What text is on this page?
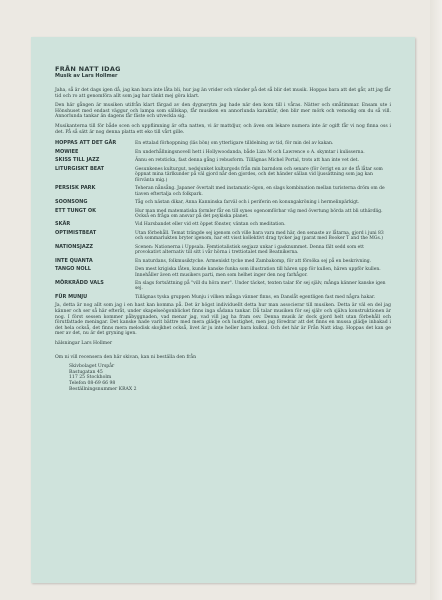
FRÅN NATT IDAG
Musik av Lars Hollmer

Jaha, så är det dags igen då, jag kan bara inte låta bli, hur jag än vrider och vänder på det så blir det musik. Hoppas bara att det går, att jag får tid och ro att genomföra allt som jag har tänkt mej göra klart.

Den här gången är musiken utifrån klart färgad av den dygnsrytm jag hade när den kom till i våras. Nätter och småtimmar. Ensam ute i Hönshuset med endast väggur och lampa som sällskap, får musiken en annorlunda karaktär, den blir mer mörk och vemodig om du så vill. Annorlunda tankar än dagens får fäste och utveckla sig.

Musikanterna till för både scen och uppflimning är ofta natten, vi är mattdjur, och även om lekare numera inte är ogift får vi nog finna oss i det. På så sätt är nog denna platta ett eko till vårt gille.

HOPPAS ATT DET GÅR	En ettalad förhoppning (läs bön) om ytterligare tilldelning av tid, för min del av kakan.
MOWIEE	En underhållningsnovell hett i Hollywoodanda, både Liza M och Lawrence o A. skymtar i kulisserna.
SKISS TILL JAZZ	Ännu en retsticka, fast denna gång i rebusform. Tillägnas Michel Portal, trots att han inte vet det.
LITURGISKT BEAT	Gesunkenes kulturgut, nedsjunket kulturgods från min barndom och senare (för övrigt en av de få låtar som öppnat mina tärlkunder på väl gjord når den gjordes, och det händer sällan vid ljussättning som jag kan förvänta mig.)
PERSISK PARK	Teheran nånsång. Japaner övertalt med instamatic-ögon, en slags kombination mellan turisterna dröm om de tiaven eftertalja och folkpark.
SOONSONG	Tåg och nästan dikar, Anna Kanninska farväl och i periferin en konungakröning i hermelinpärkigt.
ETT TUNGT OK	Hur man med matematiska formler får en till synes ogenomförbar väg med övertung börda att bli uthärdlig. Också en fråga om ansvar på det psykiska planet.
SKÄR	Vid Harsbandet eller vid ett öppet fönster, väntan och meditation.
OPTIMISTBEAT	Utan förbehåll. Temat trängde sej igenom och ville bara vara med här, den senaste av låtarna, gjord i juni 83 och sommarlukten bryter igenom, har ett visst kollektivt drag tycker jag (parat med Booker T and the MGs.)
NATIONSJAZZ	Scenen: Nationerna i Uppsala. Femtiotalistisk segjazz unkar i gasknummet. Denna fält sedd som ett provokativt alternativ till sitt i vår hörna i trettiotalet med Beatnikerna.
INTE QUANTA	En naturdans, folkmusiktycke. Armeniskt tycke med Zambakomp, för att försöka sej på en beskrivning.
TANGO NOLL	Den mest krigiska låten, kunde kanske funka som illustration till hären upp för kullen, hären uppför kullen. Innehåller även ett musikers parti, men som helhet inger den nog farhågor.
MÖRKRÄDD VALS	En slags fortsättning på "vill du höra mer". Under täcket, texten talar för sej själv, många känner kanske igen sej.
FÜR MUNJU	Tillägnas tyska gruppen Munju i vilken många vänner finns, en Danslåt egentligen fast med några hakar.

Ja, detta är nog allt som jag i en hast kan komma på. Det är högst individuellt detta hur man associerar till musiken. Detta är väl en del jag känner och ser så här efteråt, under skapelseögonblicket finns inga sådana tankar. Då talar musiken för sej själv och själva konstruktionen är nog. I först sessen kommer påbyggnaden, vad menar jag, vad vill jag ha fram osv. Denna musik är dock gjord helt utan förbehåll och förutfattade meningar. Det kanske hade varit bättre med mera glädje och lustighet, men jag föredrar att det finns en mussa glädje inbakad i det hela också, det finns mera melodisk skojkhet också, livet är ju inte heller bara kulkul. Och det här är Från Natt idag. Hoppas det kan ge mer av det, nu är det gryning igen.

hälsningar Lars Hollmer

Om ni vill recensera den här skivan, kan ni beställa den från

Skivbolaget Urspår
Bastugatan 45
117 25 Stockholm
Telefon 08-69 66 98
Beställningsnummer KRAX 2
